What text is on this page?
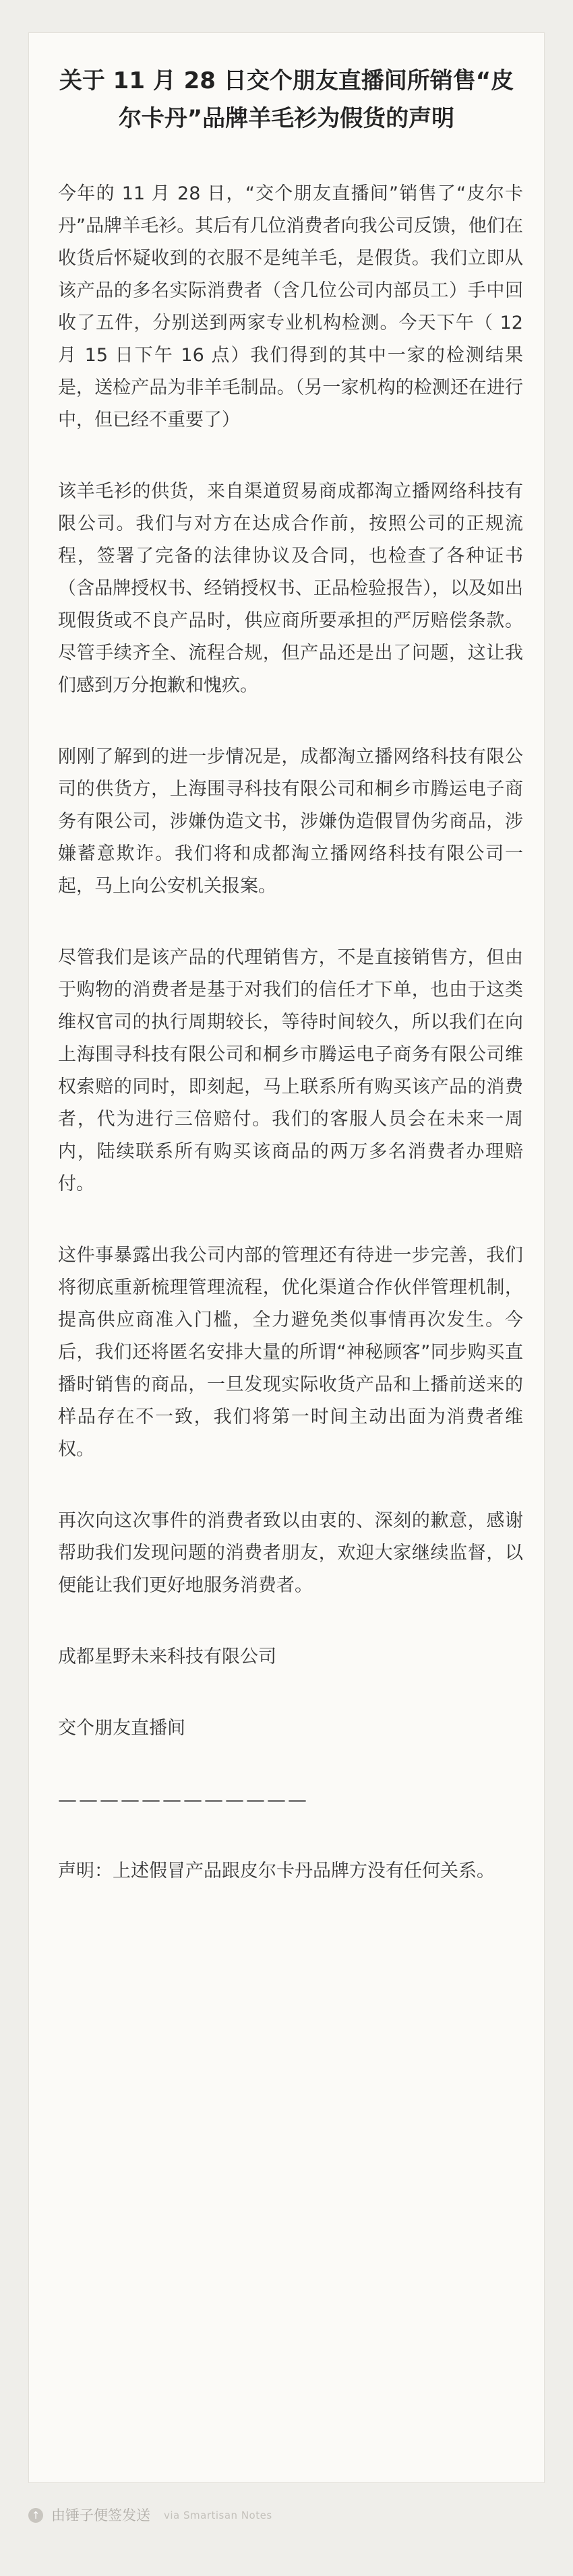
关于 11 月 28 日交个朋友直播间所销售“皮尔卡丹”品牌羊毛衫为假货的声明

今年的 11 月 28 日，“交个朋友直播间”销售了“皮尔卡丹”品牌羊毛衫。其后有几位消费者向我公司反馈，他们在收货后怀疑收到的衣服不是纯羊毛，是假货。我们立即从该产品的多名实际消费者（含几位公司内部员工）手中回收了五件，分别送到两家专业机构检测。今天下午（ 12 月 15 日下午 16 点）我们得到的其中一家的检测结果是，送检产品为非羊毛制品。（另一家机构的检测还在进行中，但已经不重要了）

该羊毛衫的供货，来自渠道贸易商成都淘立播网络科技有限公司。我们与对方在达成合作前，按照公司的正规流程，签署了完备的法律协议及合同，也检查了各种证书（含品牌授权书、经销授权书、正品检验报告），以及如出现假货或不良产品时，供应商所要承担的严厉赔偿条款。尽管手续齐全、流程合规，但产品还是出了问题，这让我们感到万分抱歉和愧疚。

刚刚了解到的进一步情况是，成都淘立播网络科技有限公司的供货方，上海围寻科技有限公司和桐乡市腾运电子商务有限公司，涉嫌伪造文书，涉嫌伪造假冒伪劣商品，涉嫌蓄意欺诈。我们将和成都淘立播网络科技有限公司一起，马上向公安机关报案。

尽管我们是该产品的代理销售方，不是直接销售方，但由于购物的消费者是基于对我们的信任才下单，也由于这类维权官司的执行周期较长，等待时间较久，所以我们在向上海围寻科技有限公司和桐乡市腾运电子商务有限公司维权索赔的同时，即刻起，马上联系所有购买该产品的消费者，代为进行三倍赔付。我们的客服人员会在未来一周内，陆续联系所有购买该商品的两万多名消费者办理赔付。

这件事暴露出我公司内部的管理还有待进一步完善，我们将彻底重新梳理管理流程，优化渠道合作伙伴管理机制，提高供应商准入门槛，全力避免类似事情再次发生。今后，我们还将匿名安排大量的所谓“神秘顾客”同步购买直播时销售的商品，一旦发现实际收货产品和上播前送来的样品存在不一致，我们将第一时间主动出面为消费者维权。

再次向这次事件的消费者致以由衷的、深刻的歉意，感谢帮助我们发现问题的消费者朋友，欢迎大家继续监督，以便能让我们更好地服务消费者。

成都星野未来科技有限公司

交个朋友直播间

————————————

声明：上述假冒产品跟皮尔卡丹品牌方没有任何关系。

↑ 由锤子便签发送 via Smartisan Notes
